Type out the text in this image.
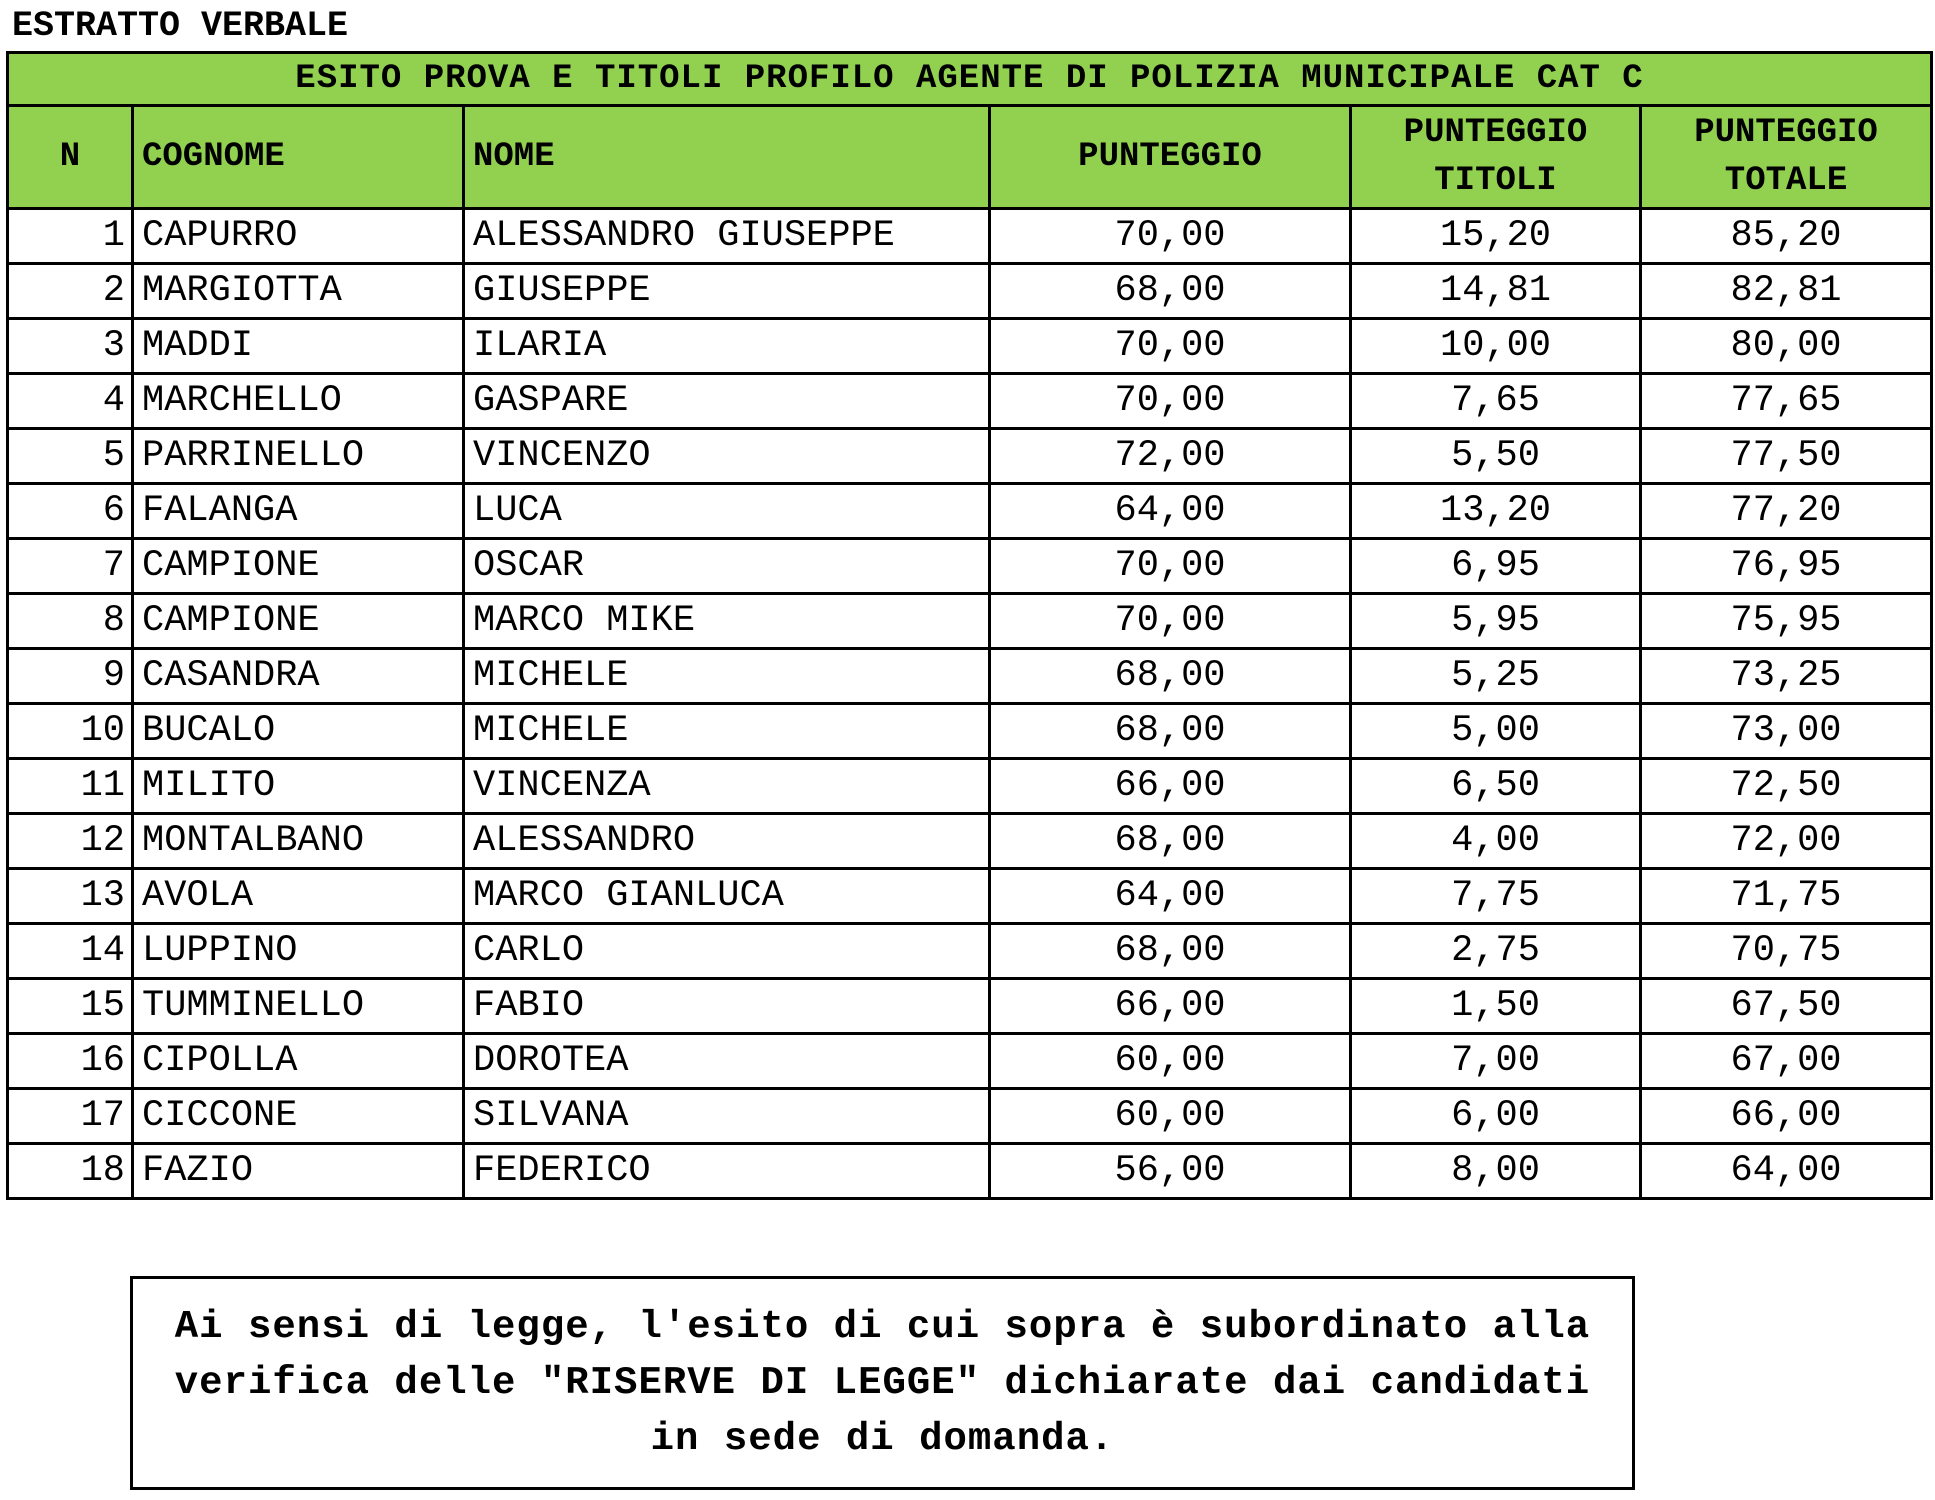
ESTRATTO VERBALE
ESITO PROVA E TITOLI PROFILO AGENTE DI POLIZIA MUNICIPALE CAT C					
N	COGNOME	NOME	PUNTEGGIO	PUNTEGGIO TITOLI	PUNTEGGIO TOTALE
1	CAPURRO	ALESSANDRO GIUSEPPE	70,00	15,20	85,20
2	MARGIOTTA	GIUSEPPE	68,00	14,81	82,81
3	MADDI	ILARIA	70,00	10,00	80,00
4	MARCHELLO	GASPARE	70,00	7,65	77,65
5	PARRINELLO	VINCENZO	72,00	5,50	77,50
6	FALANGA	LUCA	64,00	13,20	77,20
7	CAMPIONE	OSCAR	70,00	6,95	76,95
8	CAMPIONE	MARCO MIKE	70,00	5,95	75,95
9	CASANDRA	MICHELE	68,00	5,25	73,25
10	BUCALO	MICHELE	68,00	5,00	73,00
11	MILITO	VINCENZA	66,00	6,50	72,50
12	MONTALBANO	ALESSANDRO	68,00	4,00	72,00
13	AVOLA	MARCO GIANLUCA	64,00	7,75	71,75
14	LUPPINO	CARLO	68,00	2,75	70,75
15	TUMMINELLO	FABIO	66,00	1,50	67,50
16	CIPOLLA	DOROTEA	60,00	7,00	67,00
17	CICCONE	SILVANA	60,00	6,00	66,00
18	FAZIO	FEDERICO	56,00	8,00	64,00
Ai sensi di legge, l'esito di cui sopra è subordinato alla verifica delle "RISERVE DI LEGGE" dichiarate dai candidati in sede di domanda.
